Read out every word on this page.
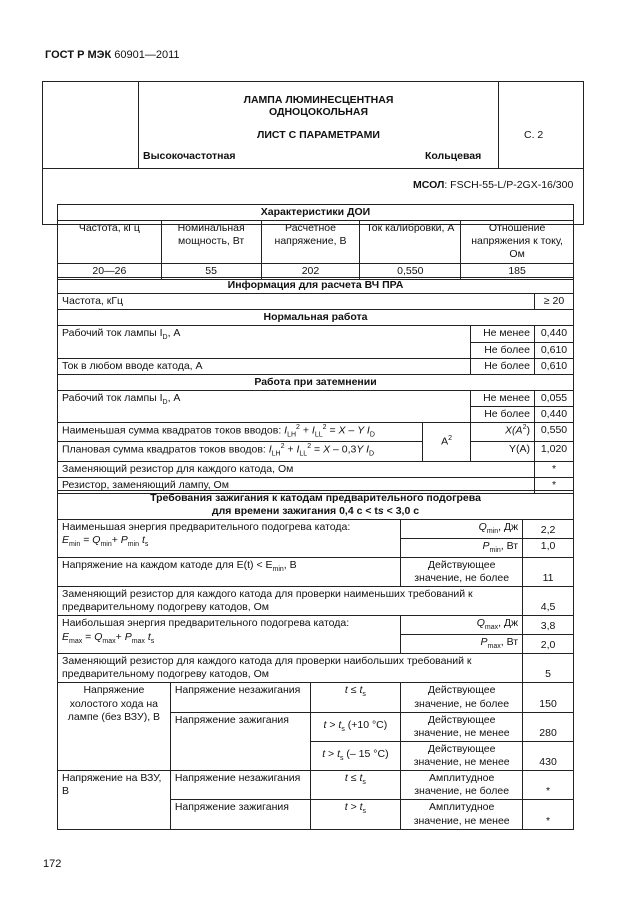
ГОСТ Р МЭК 60901—2011
ЛАМПА ЛЮМИНЕСЦЕНТНАЯ
ОДНОЦОКОЛЬНАЯ
ЛИСТ С ПАРАМЕТРАМИ
Высокочастотная	Кольцевая
С. 2
МСОЛ: FSCH-55-L/P-2GX-16/300
Характеристики ДОИ				
Частота, кГц	Номинальная мощность, Вт	Расчетное напряжение, В	Ток калибровки, А	Отношение напряжения к току, Ом
20—26	55	202	0,550	185
Информация для расчета ВЧ ПРА			
Частота, кГц			≥ 20
Нормальная работа			
Рабочий ток лампы $I_D$, А		Не менее	0,440
		Не более	0,610
Ток в любом вводе катода, А		Не более	0,610
Работа при затемнении			
Рабочий ток лампы $I_D$, А		Не менее	0,055
		Не более	0,440
Наименьшая сумма квадратов токов вводов: $I_{LH}^2 + I_{LL}^2 = X - Y$ $I_D$	$А^2$	$X(A^2)$	0,550
Плановая сумма квадратов токов вводов: $I_{LH}^2 + I_{LL}^2 = X - 0,3Y$ $I_D$		Y(A)	1,020
Заменяющий резистор для каждого катода, Ом			*
Резистор, заменяющий лампу, Ом			*
Требования зажигания к катодам предварительного подогрева
для времени зажигания 0,4 с < ts < 3,0 с				
Наименьшая энергия предварительного подогрева катода:
$E_{min} = Q_{min}+ P_{min}$ $t_s$			$Q_{min}$, Дж	2,2
			$P_{min}$, Вт	1,0
Напряжение на каждом катоде для $E(t) < E_{min}$, В			Действующее значение, не более	11
Заменяющий резистор для каждого катода для проверки наименьших требований к предварительному подогреву катодов, Ом				4,5
Наибольшая энергия предварительного подогрева катода:
$E_{max} = Q_{max}+ P_{max}$ $t_s$			$Q_{max}$, Дж	3,8
			$P_{max}$, Вт	2,0
Заменяющий резистор для каждого катода для проверки наибольших требований к предварительному подогреву катодов, Ом				5
Напряжение холостого хода на лампе (без ВЗУ), В	Напряжение незажигания	$t \le t_s$	Действующее значение, не более	150
	Напряжение зажигания	$t > t_s$ (+10 °C)	Действующее значение, не менее	280
		$t > t_s$ (– 15 °C)	Действующее значение, не менее	430
Напряжение на ВЗУ, В	Напряжение незажигания	$t \le t_s$	Амплитудное значение, не более	*
	Напряжение зажигания	$t > t_s$	Амплитудное значение, не менее	*
172
